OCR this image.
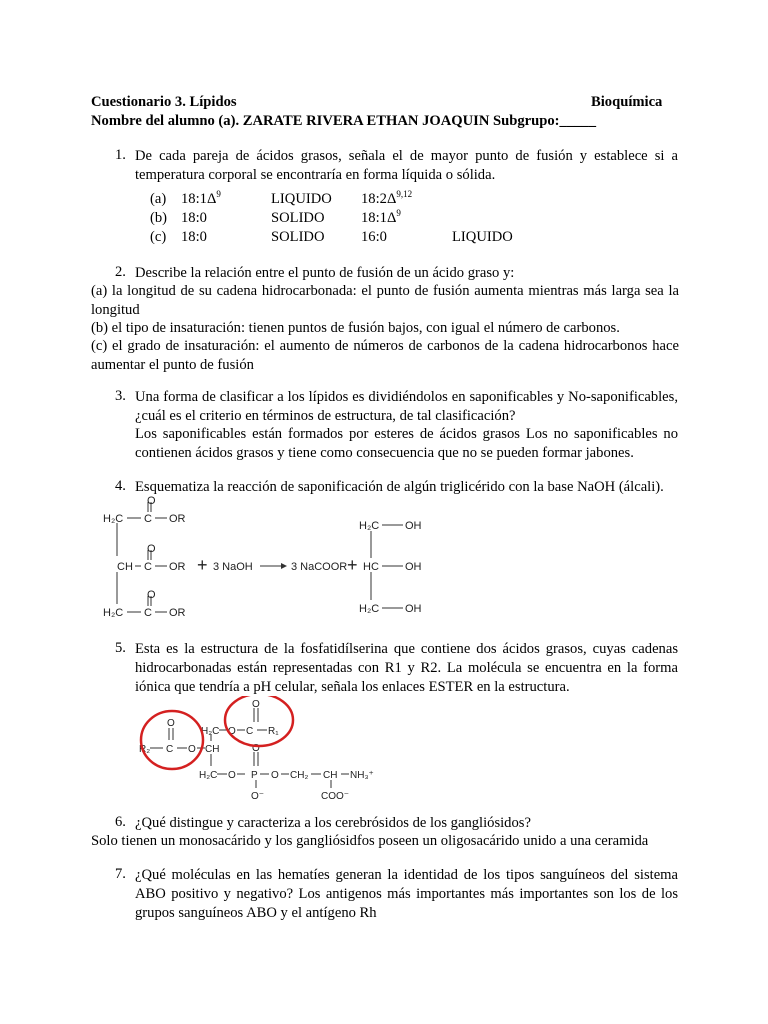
Cuestionario 3. Lípidos	Bioquímica
Nombre del alumno (a). ZARATE RIVERA ETHAN JOAQUIN Subgrupo:_____
1. De cada pareja de ácidos grasos, señala el de mayor punto de fusión y establece si a temperatura corporal se encontraría en forma líquida o sólida.
(a) $18:1\Delta^9$	LIQUIDO $18:2\Delta^{9,12}$
(b) 18:0	SOLIDO $18:1\Delta^9$
(c) 18:0	SOLIDO 16:0	LIQUIDO
2. Describe la relación entre el punto de fusión de un ácido graso y:
(a) la longitud de su cadena hidrocarbonada: el punto de fusión aumenta mientras más larga sea la longitud
(b) el tipo de insaturación: tienen puntos de fusión bajos, con igual el número de carbonos.
(c) el grado de insaturación: el aumento de números de carbonos de la cadena hidrocarbonos hace aumentar el punto de fusión
3. Una forma de clasificar a los lípidos es dividiéndolos en saponificables y No-saponificables, ¿cuál es el criterio en términos de estructura, de tal clasificación?
Los saponificables están formados por esteres de ácidos grasos Los no saponificables no contienen ácidos grasos y tiene como consecuencia que no se pueden formar jabones.
4. Esquematiza la reacción de saponificación de algún triglicérido con la base NaOH (álcali).
O
H₂C C OR
O
CH C OR
O
H₂C C OR
+ 3 NaOH	3 NaCOOR +
H₂C OH
HC OH
H₂C OH
5. Esta es la estructura de la fosfatidílserina que contiene dos ácidos grasos, cuyas cadenas hidrocarbonadas están representadas con R1 y R2. La molécula se encuentra en la forma iónica que tendría a pH celular, señala los enlaces ESTER en la estructura.
O
R₂ C O CH
H₂C O
O
C R₁
O
H₂C O P O CH₂ CH NH₃⁺
O⁻	COO⁻
6. ¿Qué distingue y caracteriza a los cerebrósidos de los gangliósidos?
Solo tienen un monosacárido y los gangliósidfos poseen un oligosacárido unido a una ceramida
7. ¿Qué moléculas en las hematíes generan la identidad de los tipos sanguíneos del sistema ABO positivo y negativo? Los antigenos más importantes más importantes son los de los grupos sanguíneos ABO y el antígeno Rh
